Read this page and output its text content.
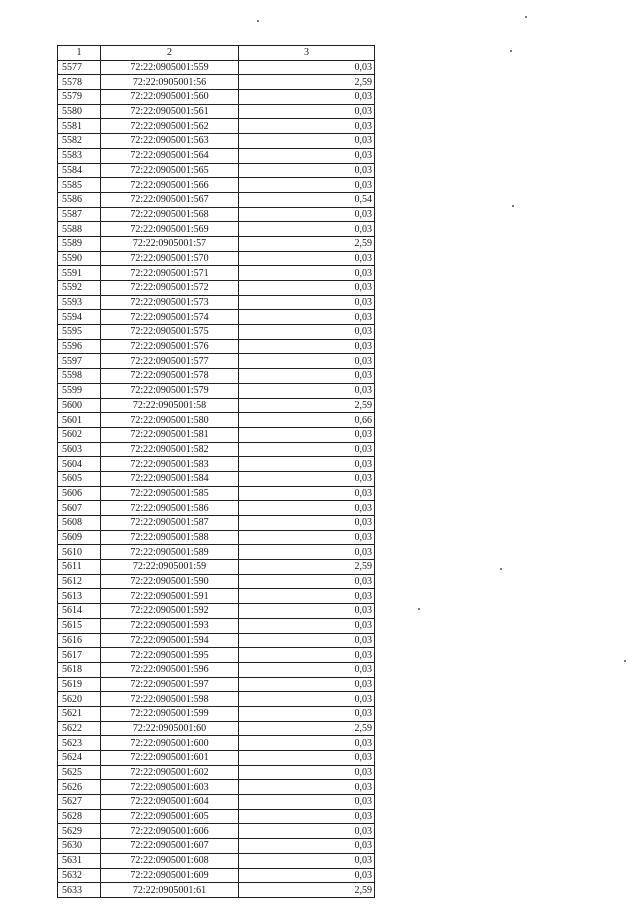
1	2	3
5577	72:22:0905001:559	0,03
5578	72:22:0905001:56	2,59
5579	72:22:0905001:560	0,03
5580	72:22:0905001:561	0,03
5581	72:22:0905001:562	0,03
5582	72:22:0905001:563	0,03
5583	72:22:0905001:564	0,03
5584	72:22:0905001:565	0,03
5585	72:22:0905001:566	0,03
5586	72:22:0905001:567	0,54
5587	72:22:0905001:568	0,03
5588	72:22:0905001:569	0,03
5589	72:22:0905001:57	2,59
5590	72:22:0905001:570	0,03
5591	72:22:0905001:571	0,03
5592	72:22:0905001:572	0,03
5593	72:22:0905001:573	0,03
5594	72:22:0905001:574	0,03
5595	72:22:0905001:575	0,03
5596	72:22:0905001:576	0,03
5597	72:22:0905001:577	0,03
5598	72:22:0905001:578	0,03
5599	72:22:0905001:579	0,03
5600	72:22:0905001:58	2,59
5601	72:22:0905001:580	0,66
5602	72:22:0905001:581	0,03
5603	72:22:0905001:582	0,03
5604	72:22:0905001:583	0,03
5605	72:22:0905001:584	0,03
5606	72:22:0905001:585	0,03
5607	72:22:0905001:586	0,03
5608	72:22:0905001:587	0,03
5609	72:22:0905001:588	0,03
5610	72:22:0905001:589	0,03
5611	72:22:0905001:59	2,59
5612	72:22:0905001:590	0,03
5613	72:22:0905001:591	0,03
5614	72:22:0905001:592	0,03
5615	72:22:0905001:593	0,03
5616	72:22:0905001:594	0,03
5617	72:22:0905001:595	0,03
5618	72:22:0905001:596	0,03
5619	72:22:0905001:597	0,03
5620	72:22:0905001:598	0,03
5621	72:22:0905001:599	0,03
5622	72:22:0905001:60	2,59
5623	72:22:0905001:600	0,03
5624	72:22:0905001:601	0,03
5625	72:22:0905001:602	0,03
5626	72:22:0905001:603	0,03
5627	72:22:0905001:604	0,03
5628	72:22:0905001:605	0,03
5629	72:22:0905001:606	0,03
5630	72:22:0905001:607	0,03
5631	72:22:0905001:608	0,03
5632	72:22:0905001:609	0,03
5633	72:22:0905001:61	2,59
